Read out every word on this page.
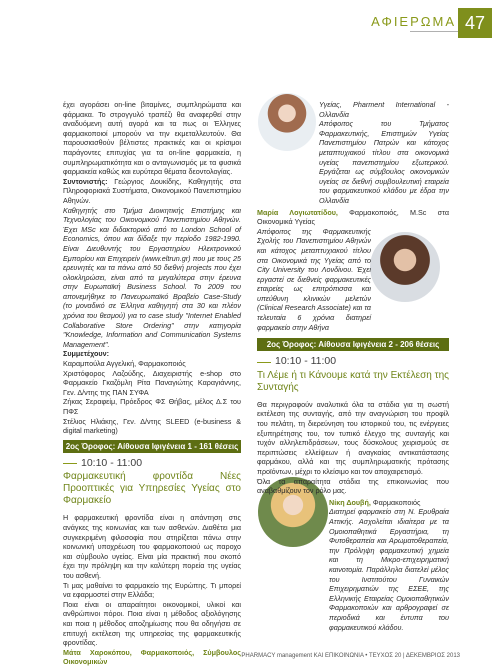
ΑΦΙΕΡΩΜΑ 47

έχει αγοράσει on-line βιταμίνες, συμπληρώματα και φάρμακα. Το στρογγυλό τραπέζι θα αναφερθεί στην αναδυόμενη αυτή αγορά και τα πως οι Έλληνες φαρμακοποιοί μπορούν να την εκμεταλλευτούν. Θα παρουσιασθούν βέλτιστες πρακτικές και οι κρίσιμοι παράγοντες επιτυχίας για τα on-line φαρμακεία, η συμπληρωματικότητα και ο ανταγωνισμός με τα φυσικά φαρμακεία καθώς και ευρύτερα θέματα δεοντολογίας.

Συντονιστής: Γεώργιος Δουκίδης, Καθηγητής στα Πληροφοριακά Συστήματα, Οικονομικού Πανεπιστημίου Αθηνών.

Καθηγητής στο Τμήμα Διοικητικής Επιστήμης και Τεχνολογίας του Οικονομικού Πανεπιστημίου Αθηνών. Έχει MSc και διδακτορικό από το London School of Economics, όπου και δίδαξε την περίοδο 1982-1990. Είναι Διευθυντής του Εργαστηρίου Ηλεκτρονικού Εμπορίου και Επιχειρείν (www.eltrun.gr) που με τους 25 ερευνητές και τα πάνω από 50 διεθνή projects που έχει ολοκληρώσει, είναι από τα μεγαλύτερα στην έρευνα στην Ευρωπαϊκή Business School. To 2009 του απονεμήθηκε το Πανευρωπαϊκό Βραβείο Case-Study (το μοναδικό σε Έλληνα καθηγητή στα 30 και πλέον χρόνια του θεσμού) για το case study "Internet Enabled Collaborative Store Ordering" στην κατηγορία "Knowledge, Information and Communication Systems Management".

Συμμετέχουν:

Καραμπούλα Αγγελική, Φαρμακοποιός
Χριστόφορος Λαζούδης, Διαχειριστής e-shop στο Φαρμακείο Γκαζόμλη Ρίτα Παναγιώτης Καραγιάννης, Γεν. Δ/ντης της ΠΑΝ ΣΥΦΑ
Ζήκας Σεραφείμ, Πρόεδρος ΦΣ Θήβας, μέλος Δ.Σ του ΠΦΣ
Στέλιος Ηλιάκης, Γεν. Δ/ντης SLEED (e-business & digital marketing)

2ος Όροφος: Αίθουσα Ιφιγένεια 1 - 161 θέσεις
10:10 - 11:00
Φαρμακευτική φροντίδα Νέες Προοπτικές για Υπηρεσίες Υγείας στο Φαρμακείο

Η φαρμακευτική φροντίδα είναι η απάντηση στις ανάγκες της κοινωνίας και των ασθενών. Διαθέτει μια συγκεκριμένη φιλοσοφία που στηρίζεται πάνω στην κοινωνική υποχρέωση του φαρμακοποιού ως παροχο και σύμβουλο υγείας. Είναι μία πρακτική που σκοπό έχει την πρόληψη και την καλύτερη πορεία της υγείας του ασθενή.
Τι μας μαθαίνει το φαρμακείο της Ευρώπης. Τι μπορεί να εφαρμοστεί στην Ελλάδα;
Ποια είναι οι απαραίτητοι οικονομικοί, υλικοί και ανθρώπινοι πόροι. Ποια είναι η μέθοδος αξιολόγησης και ποια η μέθοδος αποζημίωσης που θα οδηγήσει σε επιτυχή εκτέλεση της υπηρεσίας της φαρμακευτικής φροντίδας.

Μάτα Χαροκόπου, Φαρμακοποιός, Σύμβουλος Οικονομικών

Υγείας, Pharment International - Ολλανδία
Απόφοιτος του Τμήματος Φαρμακευτικής, Επιστημών Υγείας Πανεπιστημίου Πατρών και κάτοχος μεταπτυχιακού τίτλου στα οικονομικά υγείας πανεπιστημίου εξωτερικού. Εργάζεται ως σύμβουλος οικονομικών υγείας σε διεθνή συμβουλευτική εταιρεία του φαρμακευτικού κλάδου με έδρα την Ολλανδία

Μαρία Λογιωτατίδου, Φαρμακοποιός, M.Sc στα Οικονομικά Υγείας

Απόφοιτος της Φαρμακευτικής Σχολής του Πανεπιστημίου Αθηνών και κάτοχος μεταπτυχιακού τίτλου στα Οικονομικά της Υγείας από το City University του Λονδίνου. Έχει εργαστεί σε διεθνείς φαρμακευτικές εταιρείες ως επιτρόπισσα και υπεύθυνη κλινικών μελετών (Clinical Research Associate) και τα τελευταία 6 χρόνια διατηρεί φαρμακείο στην Αθήνα

2ος Όροφος: Αίθουσα Ιφιγένεια 2 - 206 θέσεις
10:10 - 11:00
Τι Λέμε ή τι Κάνουμε κατά την Εκτέλεση της Συνταγής

Θα περιγραφούν αναλυτικά όλα τα στάδια για τη σωστή εκτέλεση της συνταγής, από την αναγνώριση του προφίλ του πελάτη, τη διερεύνηση του ιστορικού του, τις ενέργειες εξυπηρέτησης του, τον τυπικό έλεγχο της συνταγής και τυχόν αλληλεπιδράσεων, τους δύσκολους χειρισμούς σε περιπτώσεις ελλείψεων ή αναγκαίας αντικατάστασης φαρμάκου, αλλά και της συμπληρωματικής πρότασης προϊόντων, μέχρι το κλείσιμο και τον αποχαιρετισμό.
Όλα τα απαραίτητα στάδια της επικοινωνίας που αναβαθμίζουν τον ρόλο μας.

Νίκη Δουβή, Φαρμακοποιός

Διατηρεί φαρμακείο στη Ν. Ερυθραία Αττικής. Ασχολείται ιδιαίτερα με τα Ομοιοπαθητικά Εργαστήρια, τη Φυτοθεραπεία και Αρωματοθεραπεία, την Πρόληψη φαρμακευτική χημεία και τη Μικρο-επιχειρηματική καινοτομία. Παράλληλα διατελεί μέλος του Ινστιτούτου Γυναικών Επιχειρηματιών της ΕΣΕΕ, της Ελληνικής Εταιρείας Ομοιοπαθητικών Φαρμακοποιών και αρθρογραφεί σε περιοδικά και έντυπα του φαρμακευτικού κλάδου.

PHARMACY management ΚΑΙ ΕΠΙΚΟΙΝΩΝΙΑ • ΤΕΥΧΟΣ 20 | ΔΕΚΕΜΒΡΙΟΣ 2013
